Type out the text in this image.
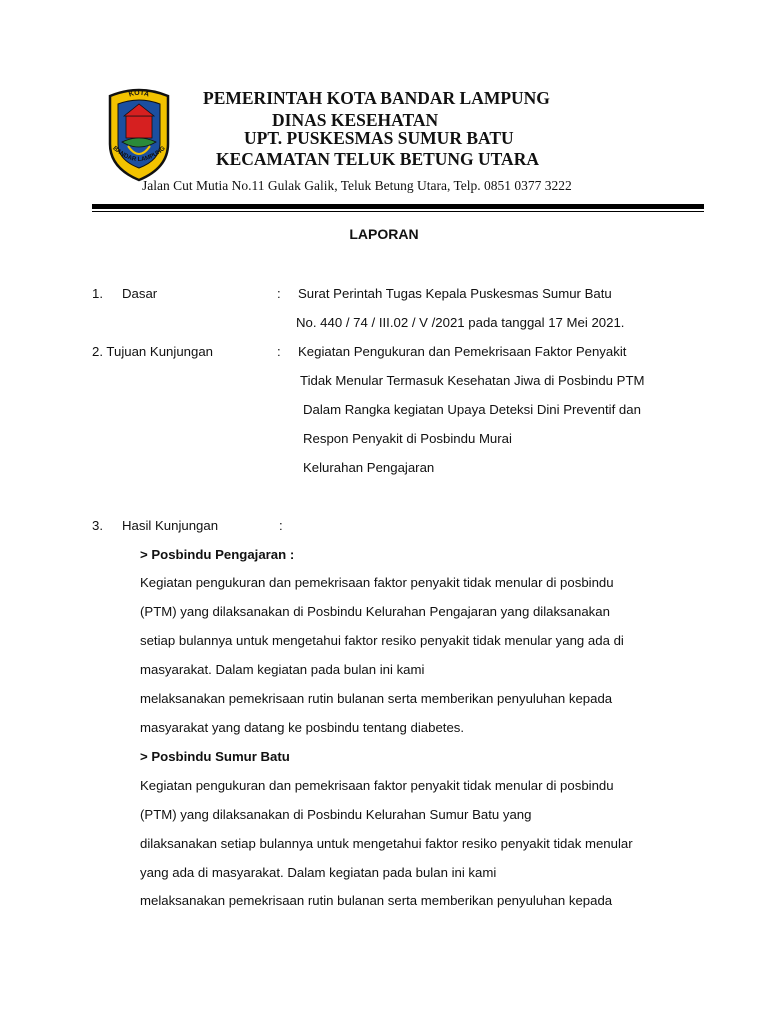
KOTA
BANDAR LAMPUNG
PEMERINTAH KOTA BANDAR LAMPUNG
DINAS KESEHATAN
UPT. PUSKESMAS SUMUR BATU
KECAMATAN TELUK BETUNG UTARA
Jalan Cut Mutia No.11 Gulak Galik, Teluk Betung Utara, Telp. 0851 0377 3222
LAPORAN
1. Dasar	: Surat Perintah Tugas Kepala Puskesmas Sumur Batu
No. 440 / 74 / III.02 / V /2021 pada tanggal 17 Mei 2021.
2. Tujuan Kunjungan	: Kegiatan Pengukuran dan Pemekrisaan Faktor Penyakit
Tidak Menular Termasuk Kesehatan Jiwa di Posbindu PTM
Dalam Rangka kegiatan Upaya Deteksi Dini Preventif dan
Respon Penyakit di Posbindu Murai
Kelurahan Pengajaran
3. Hasil Kunjungan	:
> Posbindu Pengajaran :
Kegiatan pengukuran dan pemekrisaan faktor penyakit tidak menular di posbindu
(PTM) yang dilaksanakan di Posbindu Kelurahan Pengajaran yang dilaksanakan
setiap bulannya untuk mengetahui faktor resiko penyakit tidak menular yang ada di
masyarakat. Dalam kegiatan pada bulan ini kami
melaksanakan pemekrisaan rutin bulanan serta memberikan penyuluhan kepada
masyarakat yang datang ke posbindu tentang diabetes.
> Posbindu Sumur Batu
Kegiatan pengukuran dan pemekrisaan faktor penyakit tidak menular di posbindu
(PTM) yang dilaksanakan di Posbindu Kelurahan Sumur Batu yang
dilaksanakan setiap bulannya untuk mengetahui faktor resiko penyakit tidak menular
yang ada di masyarakat. Dalam kegiatan pada bulan ini kami
melaksanakan pemekrisaan rutin bulanan serta memberikan penyuluhan kepada
